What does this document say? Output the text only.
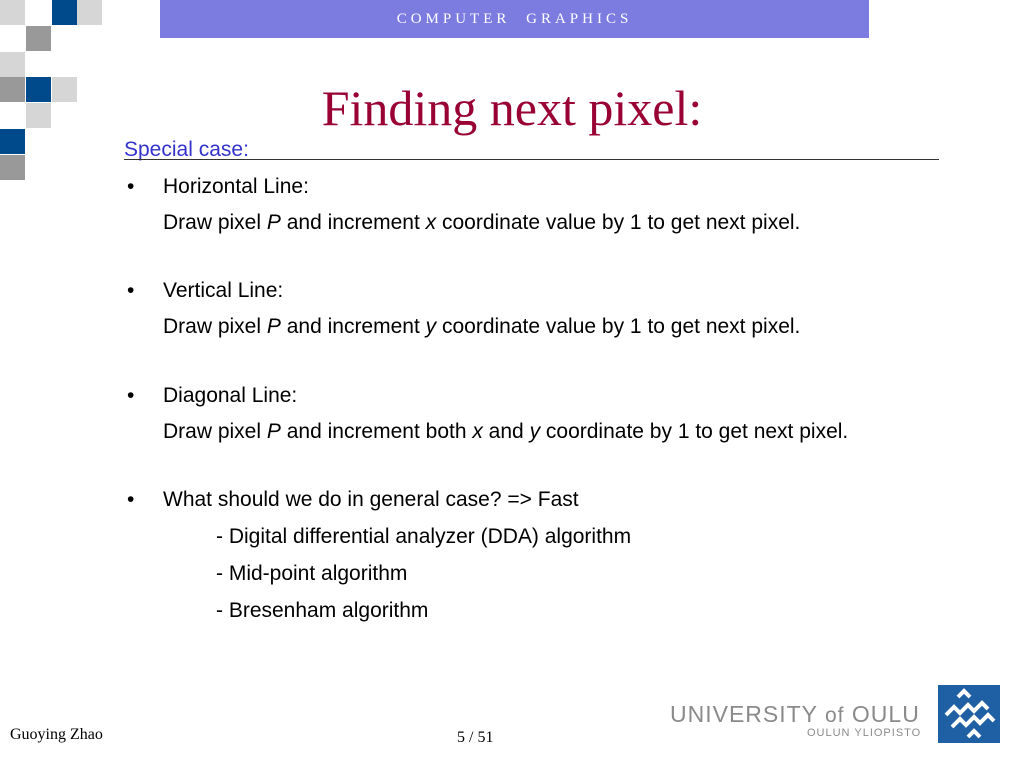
COMPUTER GRAPHICS
Finding next pixel:
Special case:
• Horizontal Line:
Draw pixel P and increment x coordinate value by 1 to get next pixel.
• Vertical Line:
Draw pixel P and increment y coordinate value by 1 to get next pixel.
• Diagonal Line:
Draw pixel P and increment both x and y coordinate by 1 to get next pixel.
• What should we do in general case? => Fast
- Digital differential analyzer (DDA) algorithm
- Mid-point algorithm
- Bresenham algorithm
Guoying Zhao	5 / 51
UNIVERSITY of OULU
OULUN YLIOPISTO
